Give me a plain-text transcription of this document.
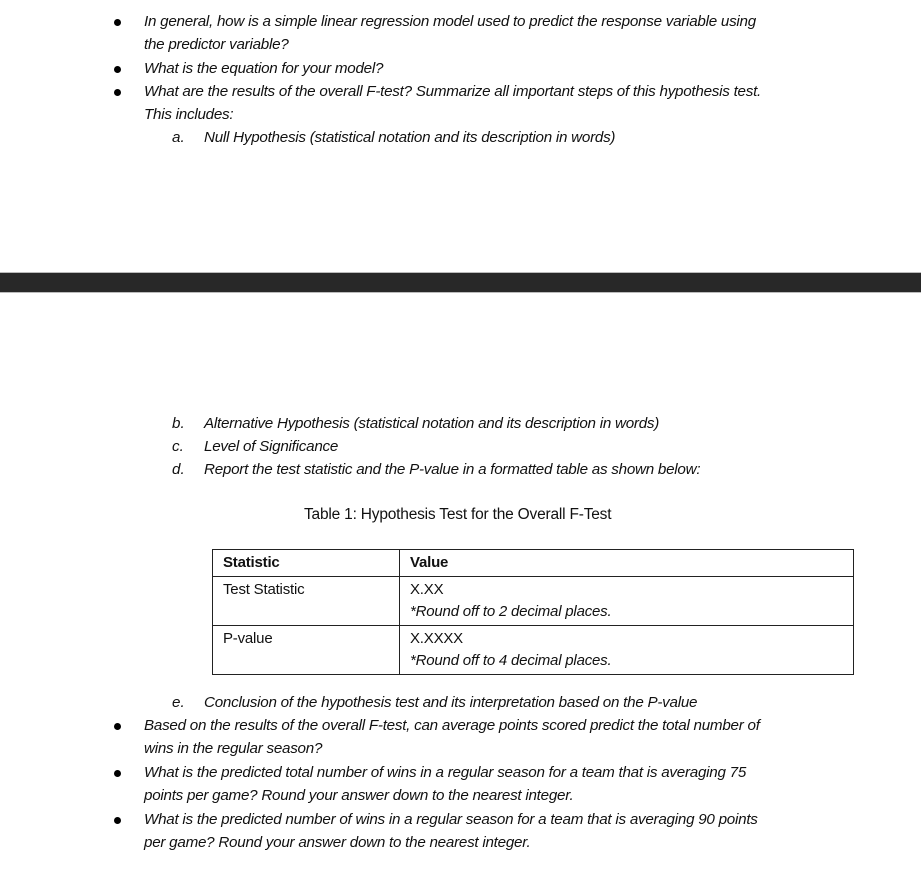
In general, how is a simple linear regression model used to predict the response variable using
the predictor variable?
What is the equation for your model?
What are the results of the overall F-test? Summarize all important steps of this hypothesis test.
This includes:
a. Null Hypothesis (statistical notation and its description in words)
b. Alternative Hypothesis (statistical notation and its description in words)
c. Level of Significance
d. Report the test statistic and the P-value in a formatted table as shown below:
Table 1: Hypothesis Test for the Overall F-Test
Statistic	Value
Test Statistic	X.XX
*Round off to 2 decimal places.

P-value	X.XXXX
*Round off to 4 decimal places.
e. Conclusion of the hypothesis test and its interpretation based on the P-value
Based on the results of the overall F-test, can average points scored predict the total number of
wins in the regular season?
What is the predicted total number of wins in a regular season for a team that is averaging 75
points per game? Round your answer down to the nearest integer.
What is the predicted number of wins in a regular season for a team that is averaging 90 points
per game? Round your answer down to the nearest integer.
